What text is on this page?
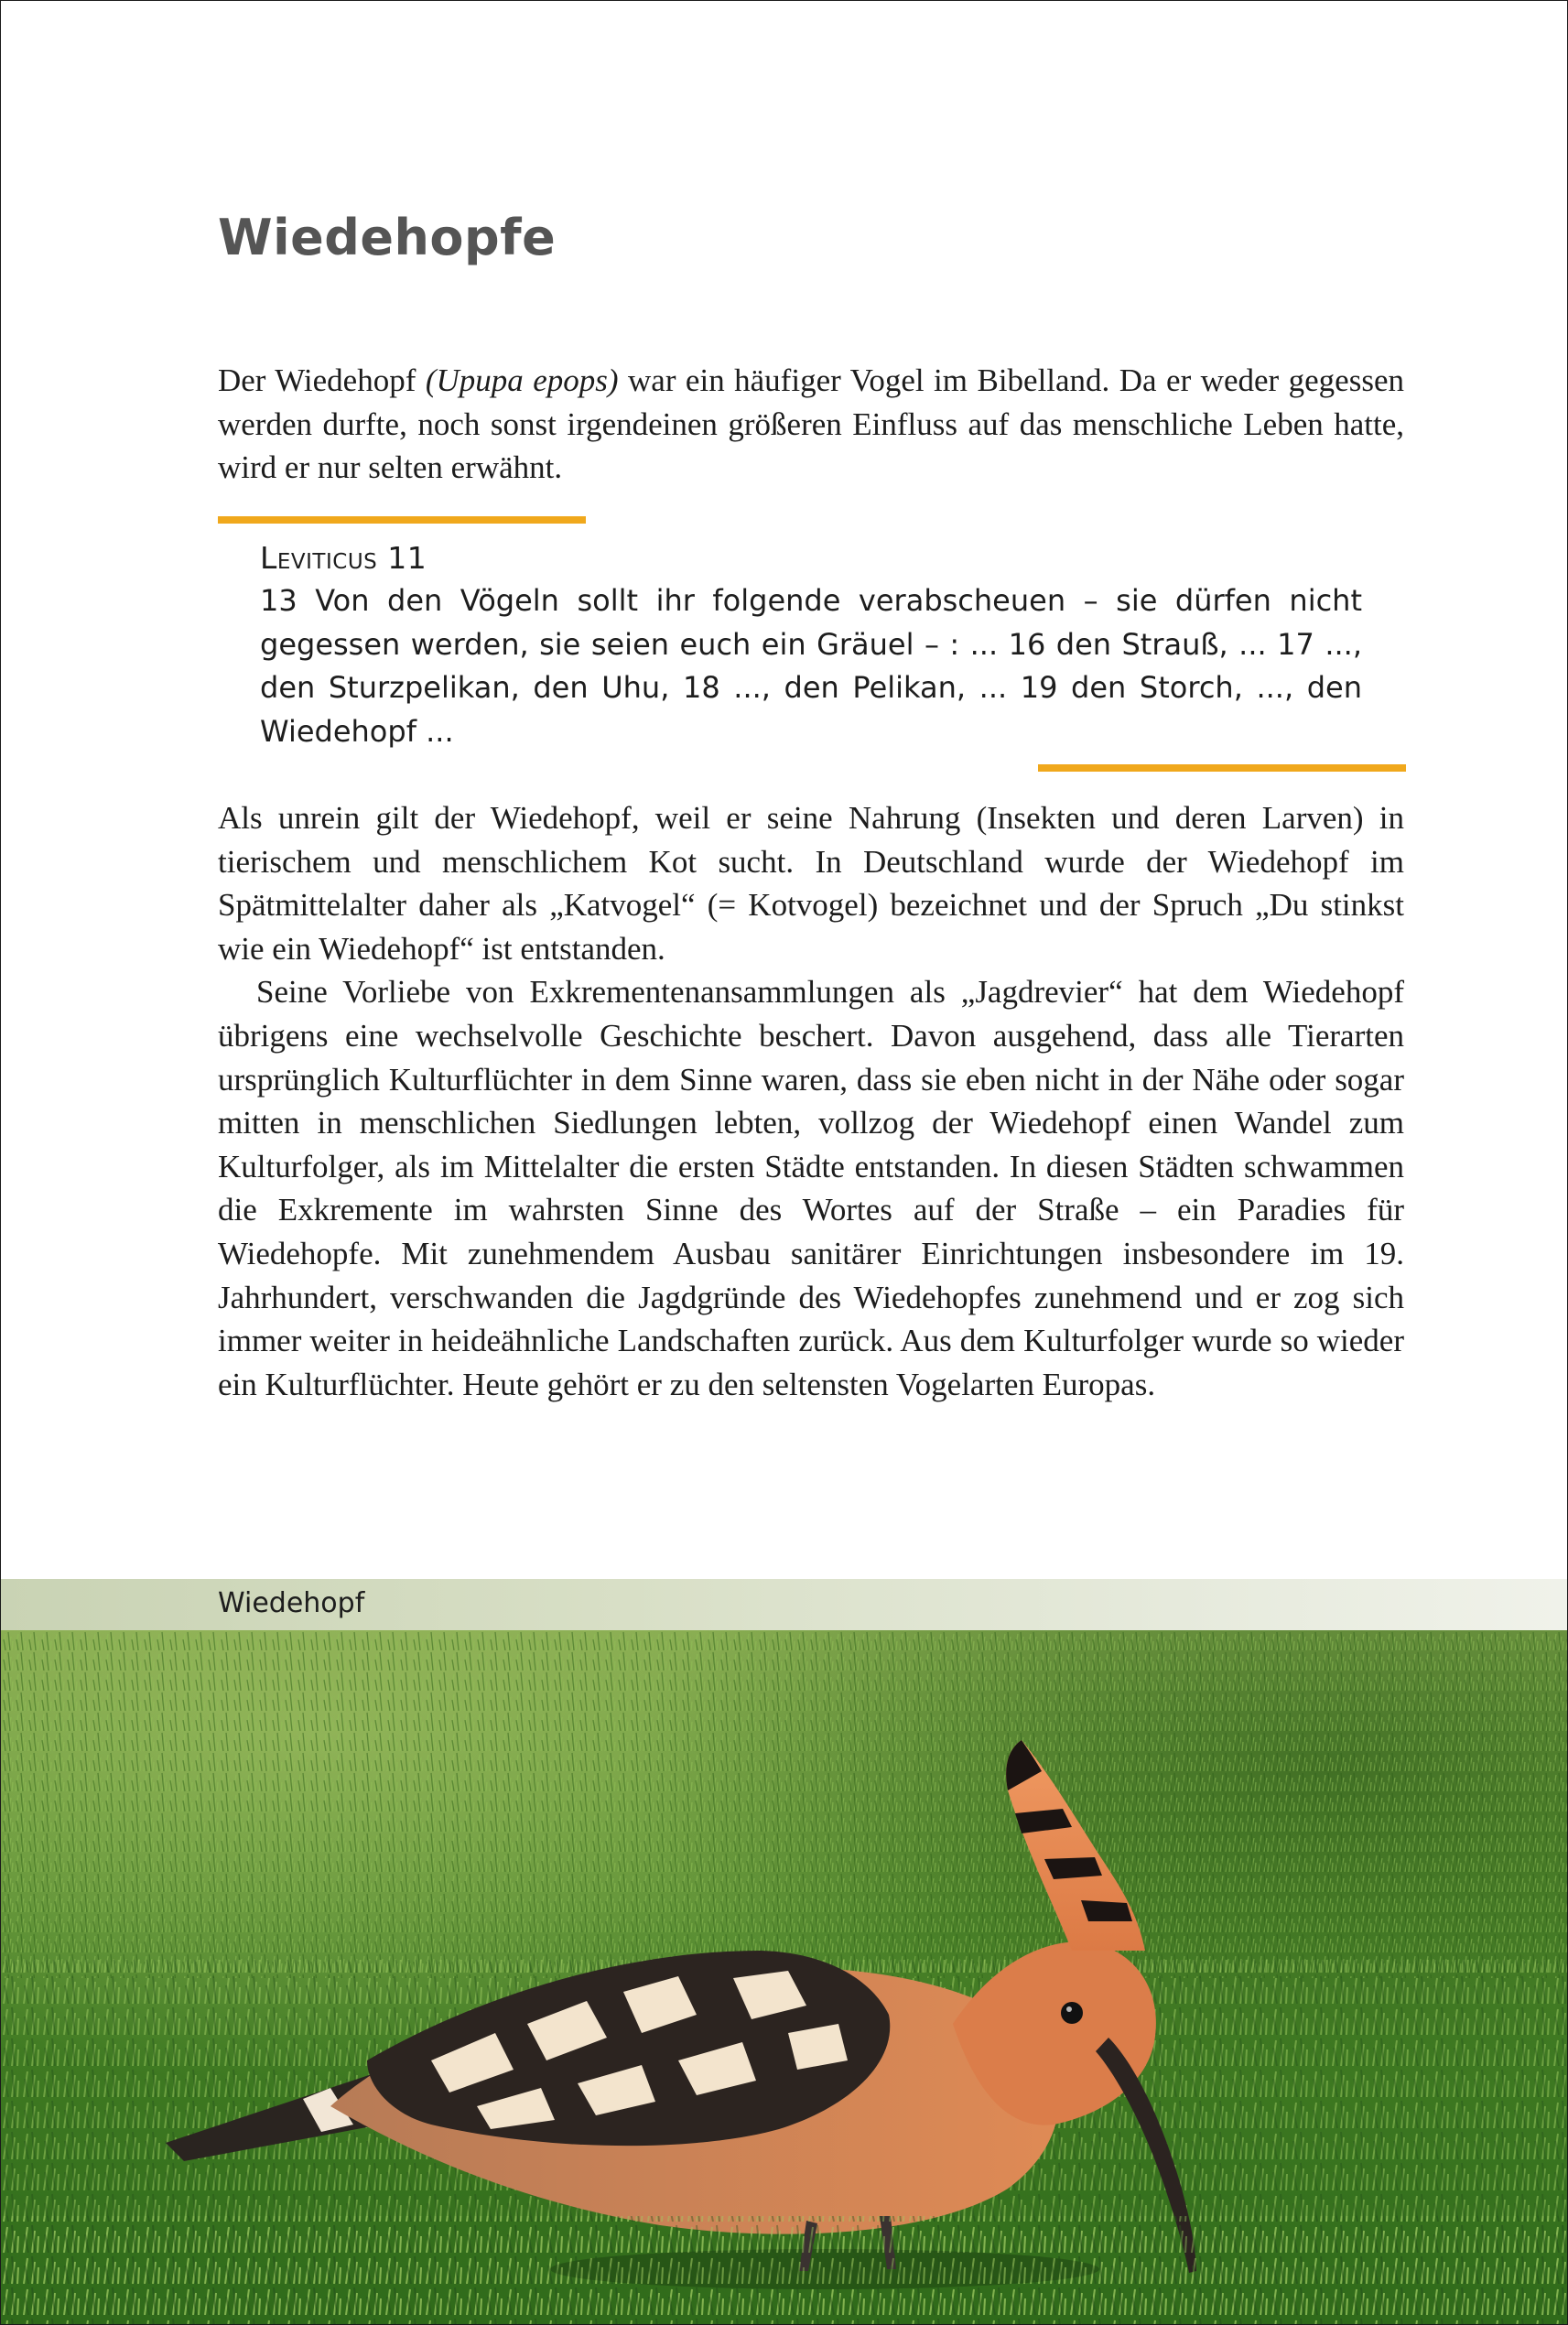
Wiedehopfe

Der Wiedehopf (Upupa epops) war ein häufiger Vogel im Bibelland. Da er weder gegessen werden durfte, noch sonst irgendeinen größeren Einfluss auf das menschliche Leben hatte, wird er nur selten erwähnt.

Leviticus 11

13 Von den Vögeln sollt ihr folgende verabscheuen – sie dürfen nicht gegessen werden, sie seien euch ein Gräuel – : ... 16 den Strauß, ... 17 ..., den Sturzpelikan, den Uhu, 18 ..., den Pelikan, ... 19 den Storch, ..., den Wiedehopf ...

Als unrein gilt der Wiedehopf, weil er seine Nahrung (Insekten und deren Larven) in tierischem und menschlichem Kot sucht. In Deutschland wurde der Wiedehopf im Spätmittelalter daher als „Katvogel“ (= Kotvogel) bezeichnet und der Spruch „Du stinkst wie ein Wiedehopf“ ist entstanden.

Seine Vorliebe von Exkrementenansammlungen als „Jagdrevier“ hat dem Wiedehopf übrigens eine wechselvolle Geschichte beschert. Davon ausgehend, dass alle Tierarten ursprünglich Kulturflüchter in dem Sinne waren, dass sie eben nicht in der Nähe oder sogar mitten in menschlichen Siedlungen lebten, vollzog der Wiedehopf einen Wandel zum Kulturfolger, als im Mittelalter die ersten Städte entstanden. In diesen Städten schwammen die Exkremente im wahrsten Sinne des Wortes auf der Straße – ein Paradies für Wiedehopfe. Mit zunehmendem Ausbau sanitärer Einrichtungen insbesondere im 19. Jahrhundert, verschwanden die Jagdgründe des Wiedehopfes zunehmend und er zog sich immer weiter in heideähnliche Landschaften zurück. Aus dem Kulturfolger wurde so wieder ein Kulturflüchter. Heute gehört er zu den seltensten Vogelarten Europas.

Wiedehopf
